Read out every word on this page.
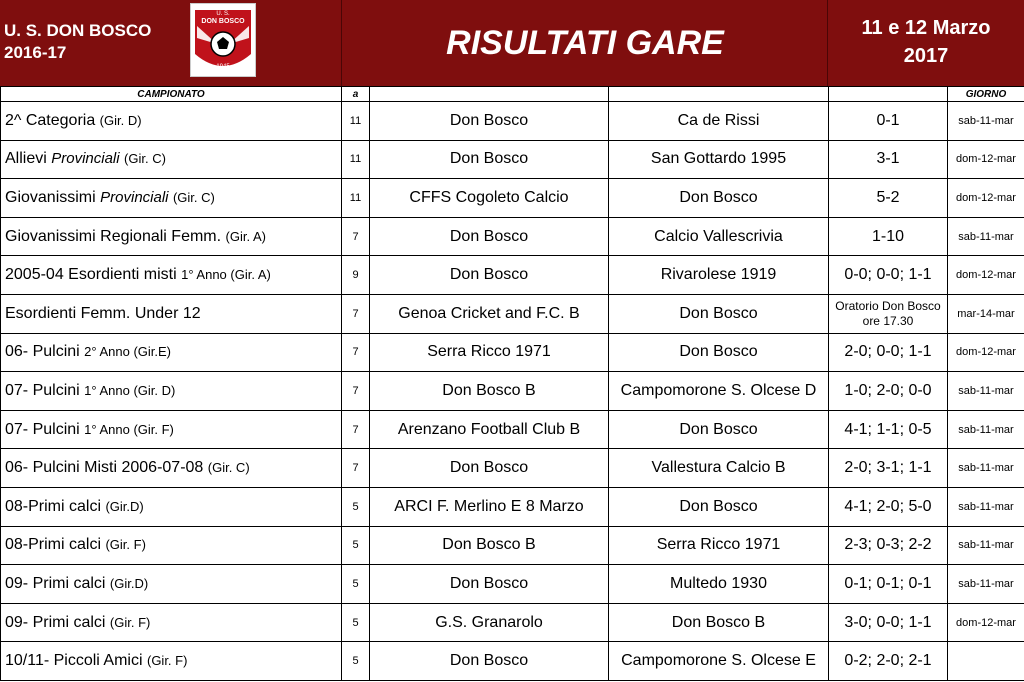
U. S. DON BOSCO
2016-17
U. S.
DON BOSCO
1945
RISULTATI GARE	11 e 12 Marzo
2017
CAMPIONATO	a				GIORNO
2^ Categoria (Gir. D)	11	Don Bosco	Ca de Rissi	0-1	sab-11-mar
Allievi Provinciali (Gir. C)	11	Don Bosco	San Gottardo 1995	3-1	dom-12-mar
Giovanissimi Provinciali (Gir. C)	11	CFFS Cogoleto Calcio	Don Bosco	5-2	dom-12-mar
Giovanissimi Regionali Femm. (Gir. A)	7	Don Bosco	Calcio Vallescrivia	1-10	sab-11-mar
2005-04 Esordienti misti 1° Anno (Gir. A)	9	Don Bosco	Rivarolese 1919	0-0; 0-0; 1-1	dom-12-mar
Esordienti Femm. Under 12	7	Genoa Cricket and F.C. B	Don Bosco	Oratorio Don Bosco ore 17.30	mar-14-mar
06- Pulcini 2° Anno (Gir.E)	7	Serra Ricco 1971	Don Bosco	2-0; 0-0; 1-1	dom-12-mar
07- Pulcini 1° Anno (Gir. D)	7	Don Bosco B	Campomorone S. Olcese D	1-0; 2-0; 0-0	sab-11-mar
07- Pulcini 1° Anno (Gir. F)	7	Arenzano Football Club B	Don Bosco	4-1; 1-1; 0-5	sab-11-mar
06- Pulcini Misti 2006-07-08 (Gir. C)	7	Don Bosco	Vallestura Calcio B	2-0; 3-1; 1-1	sab-11-mar
08-Primi calci (Gir.D)	5	ARCI F. Merlino E 8 Marzo	Don Bosco	4-1; 2-0; 5-0	sab-11-mar
08-Primi calci (Gir. F)	5	Don Bosco B	Serra Ricco 1971	2-3; 0-3; 2-2	sab-11-mar
09- Primi calci (Gir.D)	5	Don Bosco	Multedo 1930	0-1; 0-1; 0-1	sab-11-mar
09- Primi calci (Gir. F)	5	G.S. Granarolo	Don Bosco B	3-0; 0-0; 1-1	dom-12-mar
10/11- Piccoli Amici (Gir. F)	5	Don Bosco	Campomorone S. Olcese E	0-2; 2-0; 2-1	
